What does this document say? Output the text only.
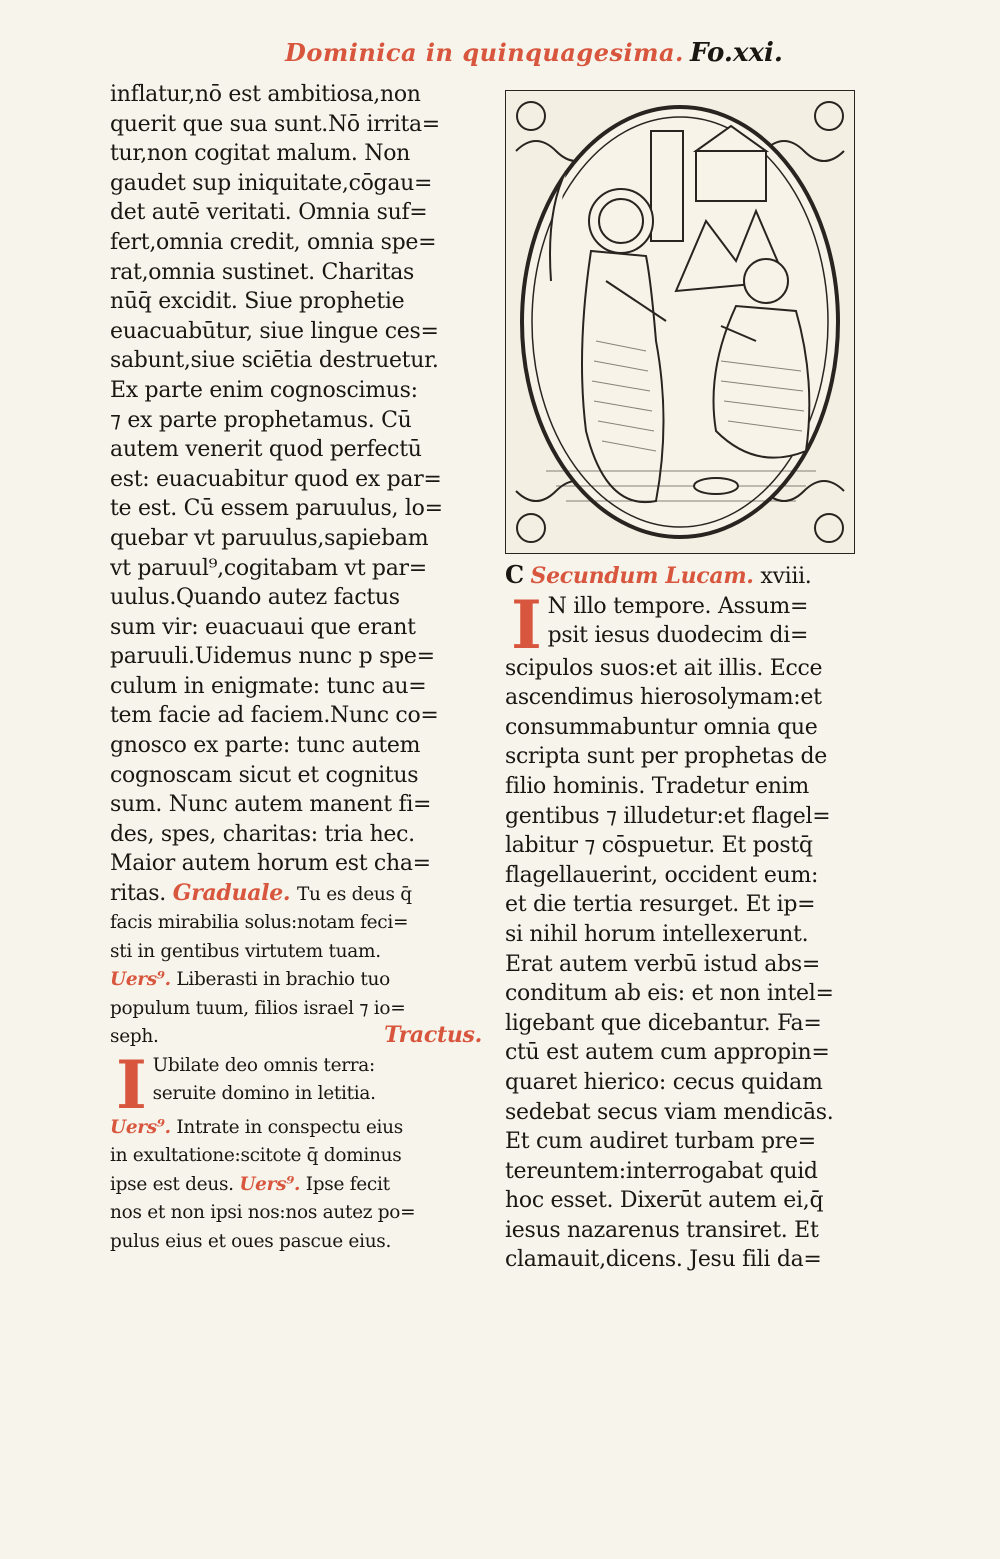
Dominica in quinquagesima. Fo.xxi.
inflatur,nō est ambitiosa,non
querit que sua sunt.Nō irrita=
tur,non cogitat malum. Non
gaudet sup iniquitate,cōgau=
det autē veritati. Omnia suf=
fert,omnia credit, omnia spe=
rat,omnia sustinet. Charitas
nūq̄ excidit. Siue prophetie
euacuabūtur, siue lingue ces=
sabunt,siue sciētia destruetur.
Ex parte enim cognoscimus:
⁊ ex parte prophetamus. Cū
autem venerit quod perfectū
est: euacuabitur quod ex par=
te est. Cū essem paruulus, lo=
quebar vt paruulus,sapiebam
vt paruul⁹,cogitabam vt par=
uulus.Quando autez factus
sum vir: euacuaui que erant
paruuli.Uidemus nunc p spe=
culum in enigmate: tunc au=
tem facie ad faciem.Nunc co=
gnosco ex parte: tunc autem
cognoscam sicut et cognitus
sum. Nunc autem manent fi=
des, spes, charitas: tria hec.
Maior autem horum est cha=
ritas. Graduale. Tu es deus q̄
facis mirabilia solus:notam feci=
sti in gentibus virtutem tuam.
Uers⁹. Liberasti in brachio tuo
populum tuum, filios israel ⁊ io=
seph.	Tractus.
I Ubilate deo omnis terra:
seruite domino in letitia.
Uers⁹. Intrate in conspectu eius
in exultatione:scitote q̄ dominus
ipse est deus. Uers⁹. Ipse fecit
nos et non ipsi nos:nos autez po=
pulus eius et oues pascue eius.
C Secundum Lucam. xviii.
I N illo tempore. Assum=
psit iesus duodecim di=
scipulos suos:et ait illis. Ecce
ascendimus hierosolymam:et
consummabuntur omnia que
scripta sunt per prophetas de
filio hominis. Tradetur enim
gentibus ⁊ illudetur:et flagel=
labitur ⁊ cōspuetur. Et postq̄
flagellauerint, occident eum:
et die tertia resurget. Et ip=
si nihil horum intellexerunt.
Erat autem verbū istud abs=
conditum ab eis: et non intel=
ligebant que dicebantur. Fa=
ctū est autem cum appropin=
quaret hierico: cecus quidam
sedebat secus viam mendicās.
Et cum audiret turbam pre=
tereuntem:interrogabat quid
hoc esset. Dixerūt autem ei,q̄
iesus nazarenus transiret. Et
clamauit,dicens. Jesu fili da=
